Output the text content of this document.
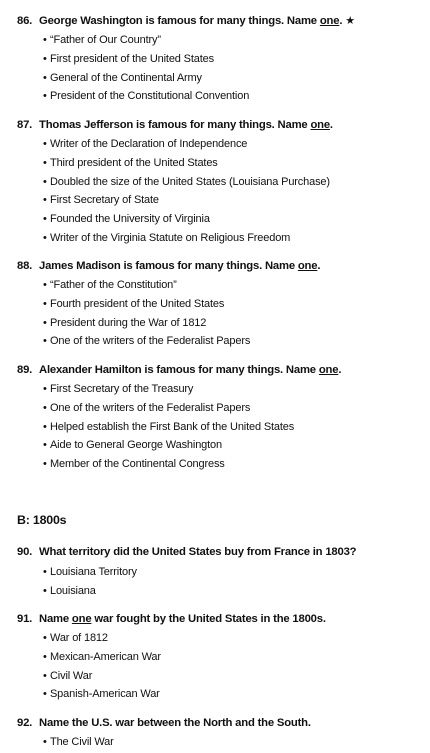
86. George Washington is famous for many things. Name one. ★
• “Father of Our Country”
• First president of the United States
• General of the Continental Army
• President of the Constitutional Convention
87. Thomas Jefferson is famous for many things. Name one.
• Writer of the Declaration of Independence
• Third president of the United States
• Doubled the size of the United States (Louisiana Purchase)
• First Secretary of State
• Founded the University of Virginia
• Writer of the Virginia Statute on Religious Freedom
88. James Madison is famous for many things. Name one.
• “Father of the Constitution”
• Fourth president of the United States
• President during the War of 1812
• One of the writers of the Federalist Papers
89. Alexander Hamilton is famous for many things. Name one.
• First Secretary of the Treasury
• One of the writers of the Federalist Papers
• Helped establish the First Bank of the United States
• Aide to General George Washington
• Member of the Continental Congress
B: 1800s
90. What territory did the United States buy from France in 1803?
• Louisiana Territory
• Louisiana
91. Name one war fought by the United States in the 1800s.
• War of 1812
• Mexican-American War
• Civil War
• Spanish-American War
92. Name the U.S. war between the North and the South.
• The Civil War
